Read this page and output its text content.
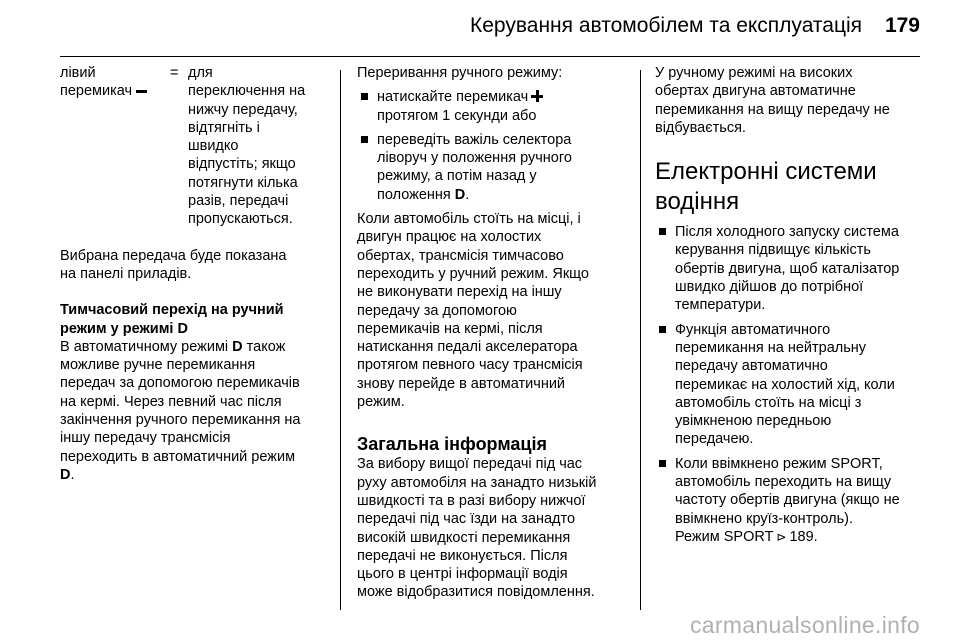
Керування автомобілем та експлуатація 179
лівий
перемикач
= для
переключення на
нижчу передачу,
відтягніть і
швидко
відпустіть; якщо
потягнути кілька
разів, передачі
пропускаються.

Вибрана передача буде показана
на панелі приладів.

Тимчасовий перехід на ручний
режим у режимі D

В автоматичному режимі D також
можливе ручне перемикання
передач за допомогою перемикачів
на кермі. Через певний час після
закінчення ручного перемикання на
іншу передачу трансмісія
переходить в автоматичний режим
D.

Переривання ручного режиму:

натискайте перемикач
протягом 1 секунди або
переведіть важіль селектора
ліворуч у положення ручного
режиму, а потім назад у
положення D.

Коли автомобіль стоїть на місці, і
двигун працює на холостих
обертах, трансмісія тимчасово
переходить у ручний режим. Якщо
не виконувати перехід на іншу
передачу за допомогою
перемикачів на кермі, після
натискання педалі акселератора
протягом певного часу трансмісія
знову перейде в автоматичний
режим.

Загальна інформація

За вибору вищої передачі під час
руху автомобіля на занадто низькій
швидкості та в разі вибору нижчої
передачі під час їзди на занадто
високій швидкості перемикання
передачі не виконується. Після
цього в центрі інформації водія
може відобразитися повідомлення.

У ручному режимі на високих
обертах двигуна автоматичне
перемикання на вищу передачу не
відбувається.

Електронні системи
водіння

Після холодного запуску система
керування підвищує кількість
обертів двигуна, щоб каталізатор
швидко дійшов до потрібної
температури.
Функція автоматичного
перемикання на нейтральну
передачу автоматично
перемикає на холостий хід, коли
автомобіль стоїть на місці з
увімкненою передньою
передачею.
Коли ввімкнено режим SPORT,
автомобіль переходить на вищу
частоту обертів двигуна (якщо не
ввімкнено круїз-контроль).
Режим SPORT ⊳ 189.
carmanualsonline.info
